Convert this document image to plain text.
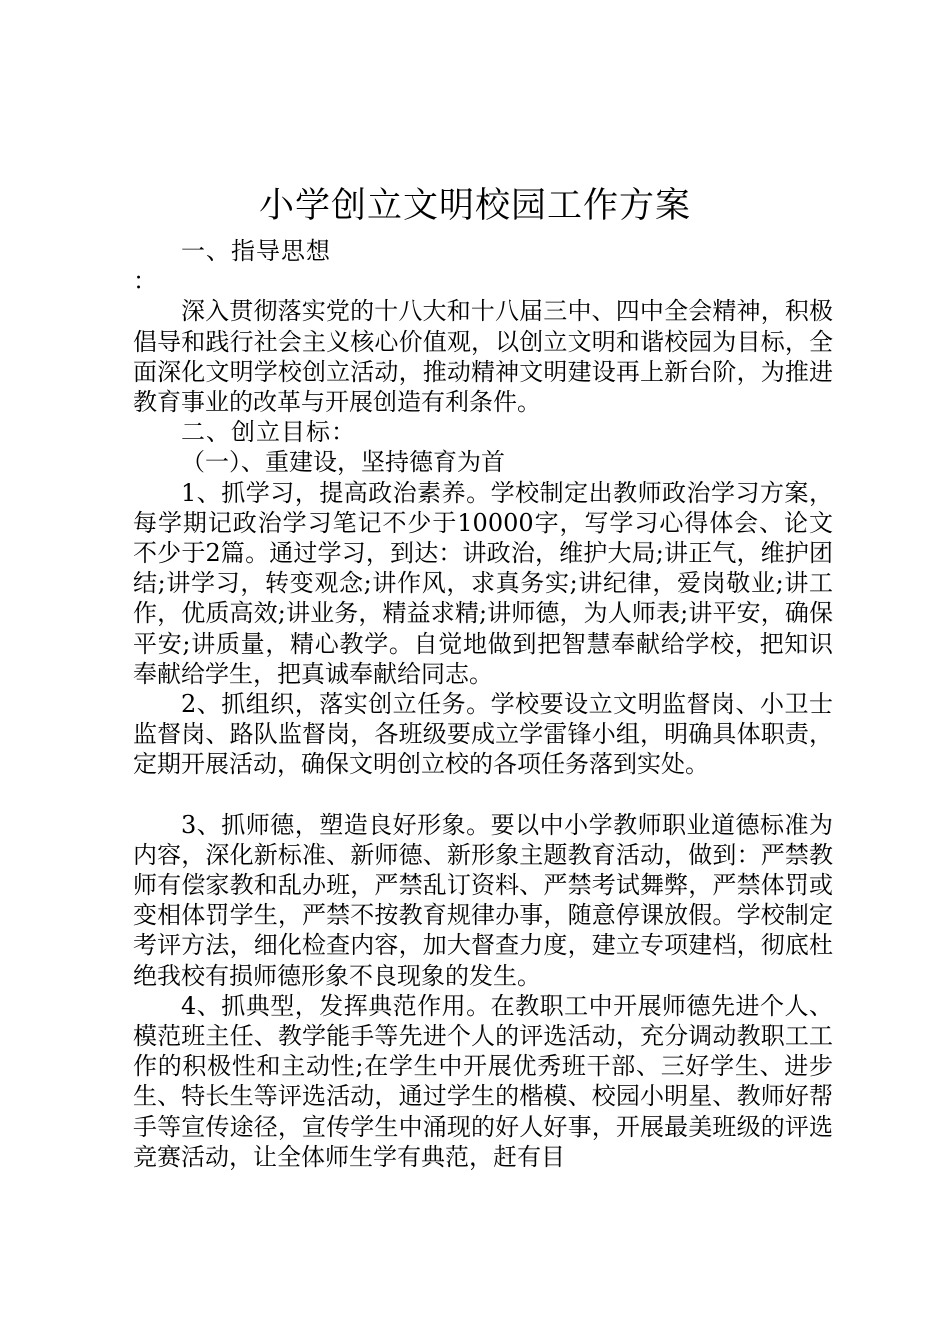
小学创立文明校园工作方案

一、指导思想

：

深入贯彻落实党的十八大和十八届三中、四中全会精神，积极倡导和践行社会主义核心价值观，以创立文明和谐校园为目标，全面深化文明学校创立活动，推动精神文明建设再上新台阶，为推进教育事业的改革与开展创造有利条件。

二、创立目标：

（一）、重建设，坚持德育为首

1、抓学习，提高政治素养。学校制定出教师政治学习方案，每学期记政治学习笔记不少于10000字，写学习心得体会、论文不少于2篇。通过学习，到达：讲政治，维护大局;讲正气，维护团结;讲学习，转变观念;讲作风，求真务实;讲纪律，爱岗敬业;讲工作，优质高效;讲业务，精益求精;讲师德，为人师表;讲平安，确保平安;讲质量，精心教学。自觉地做到把智慧奉献给学校，把知识奉献给学生，把真诚奉献给同志。

2、抓组织，落实创立任务。学校要设立文明监督岗、小卫士监督岗、路队监督岗，各班级要成立学雷锋小组，明确具体职责，定期开展活动，确保文明创立校的各项任务落到实处。

3、抓师德，塑造良好形象。要以中小学教师职业道德标准为内容，深化新标准、新师德、新形象主题教育活动，做到：严禁教师有偿家教和乱办班，严禁乱订资料、严禁考试舞弊，严禁体罚或变相体罚学生，严禁不按教育规律办事，随意停课放假。学校制定考评方法，细化检查内容，加大督查力度，建立专项建档，彻底杜绝我校有损师德形象不良现象的发生。

4、抓典型，发挥典范作用。在教职工中开展师德先进个人、模范班主任、教学能手等先进个人的评选活动，充分调动教职工工作的积极性和主动性;在学生中开展优秀班干部、三好学生、进步生、特长生等评选活动，通过学生的楷模、校园小明星、教师好帮手等宣传途径，宣传学生中涌现的好人好事，开展最美班级的评选竞赛活动，让全体师生学有典范，赶有目
